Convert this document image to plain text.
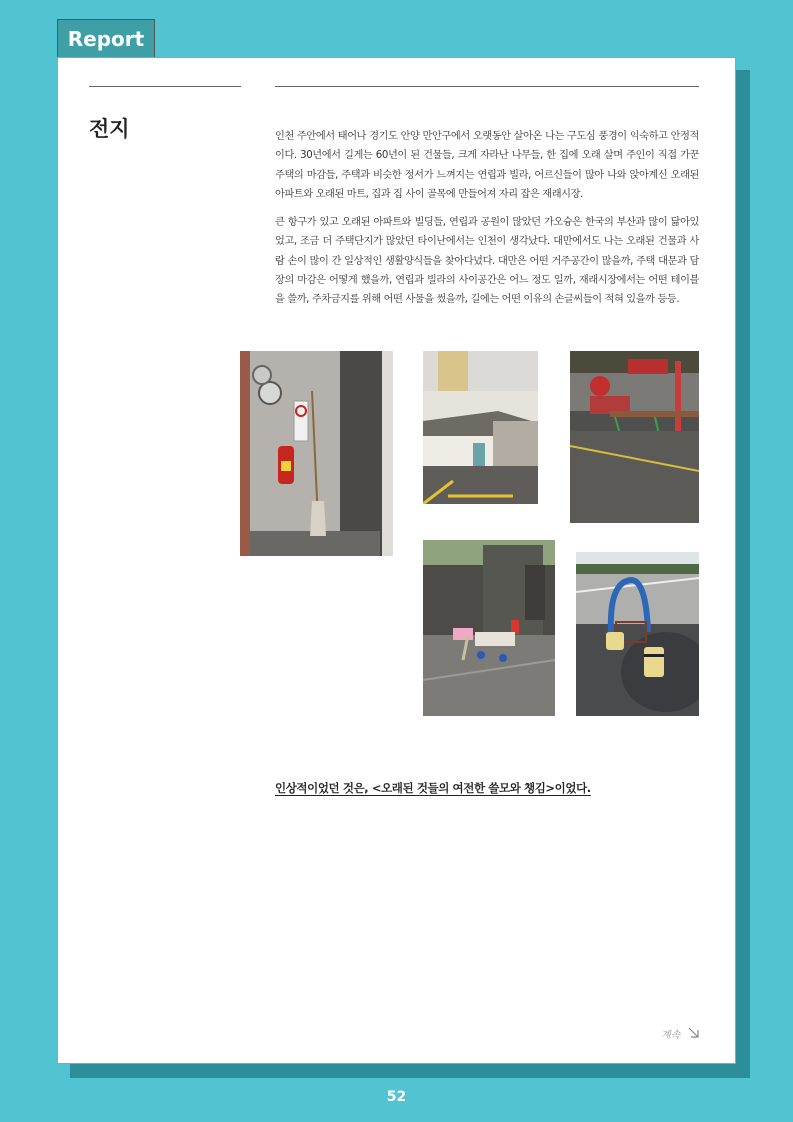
Report
전지	인천 주안에서 태어나 경기도 안양 만안구에서 오랫동안 살아온 나는 구도심 풍경이 익숙하고 안정적이다. 30년에서 길게는 60년이 된 건물들, 크게 자라난 나무들, 한 집에 오래 살며 주인이 직접 가꾼 주택의 마감들, 주택과 비슷한 정서가 느껴지는 연립과 빌라, 어르신들이 많아 나와 앉아계신 오래된 아파트와 오래된 마트, 집과 집 사이 골목에 만들어져 자리 잡은 재래시장.

큰 항구가 있고 오래된 아파트와 빌딩들, 연립과 공원이 많았던 가오슝은 한국의 부산과 많이 닮아있었고, 조금 더 주택단지가 많았던 타이난에서는 인천이 생각났다. 대만에서도 나는 오래된 건물과 사람 손이 많이 간 일상적인 생활양식들을 찾아다녔다. 대만은 어떤 거주공간이 많을까, 주택 대문과 담장의 마감은 어떻게 했을까, 연립과 빌라의 사이공간은 어느 정도 일까, 재래시장에서는 어떤 테이블을 쓸까, 주차금지를 위해 어떤 사물을 썼을까, 길에는 어떤 이유의 손글씨들이 적혀 있을까 등등.

인상적이었던 것은, <오래된 것들의 여전한 쓸모와 챙김>이었다.
계속
52
